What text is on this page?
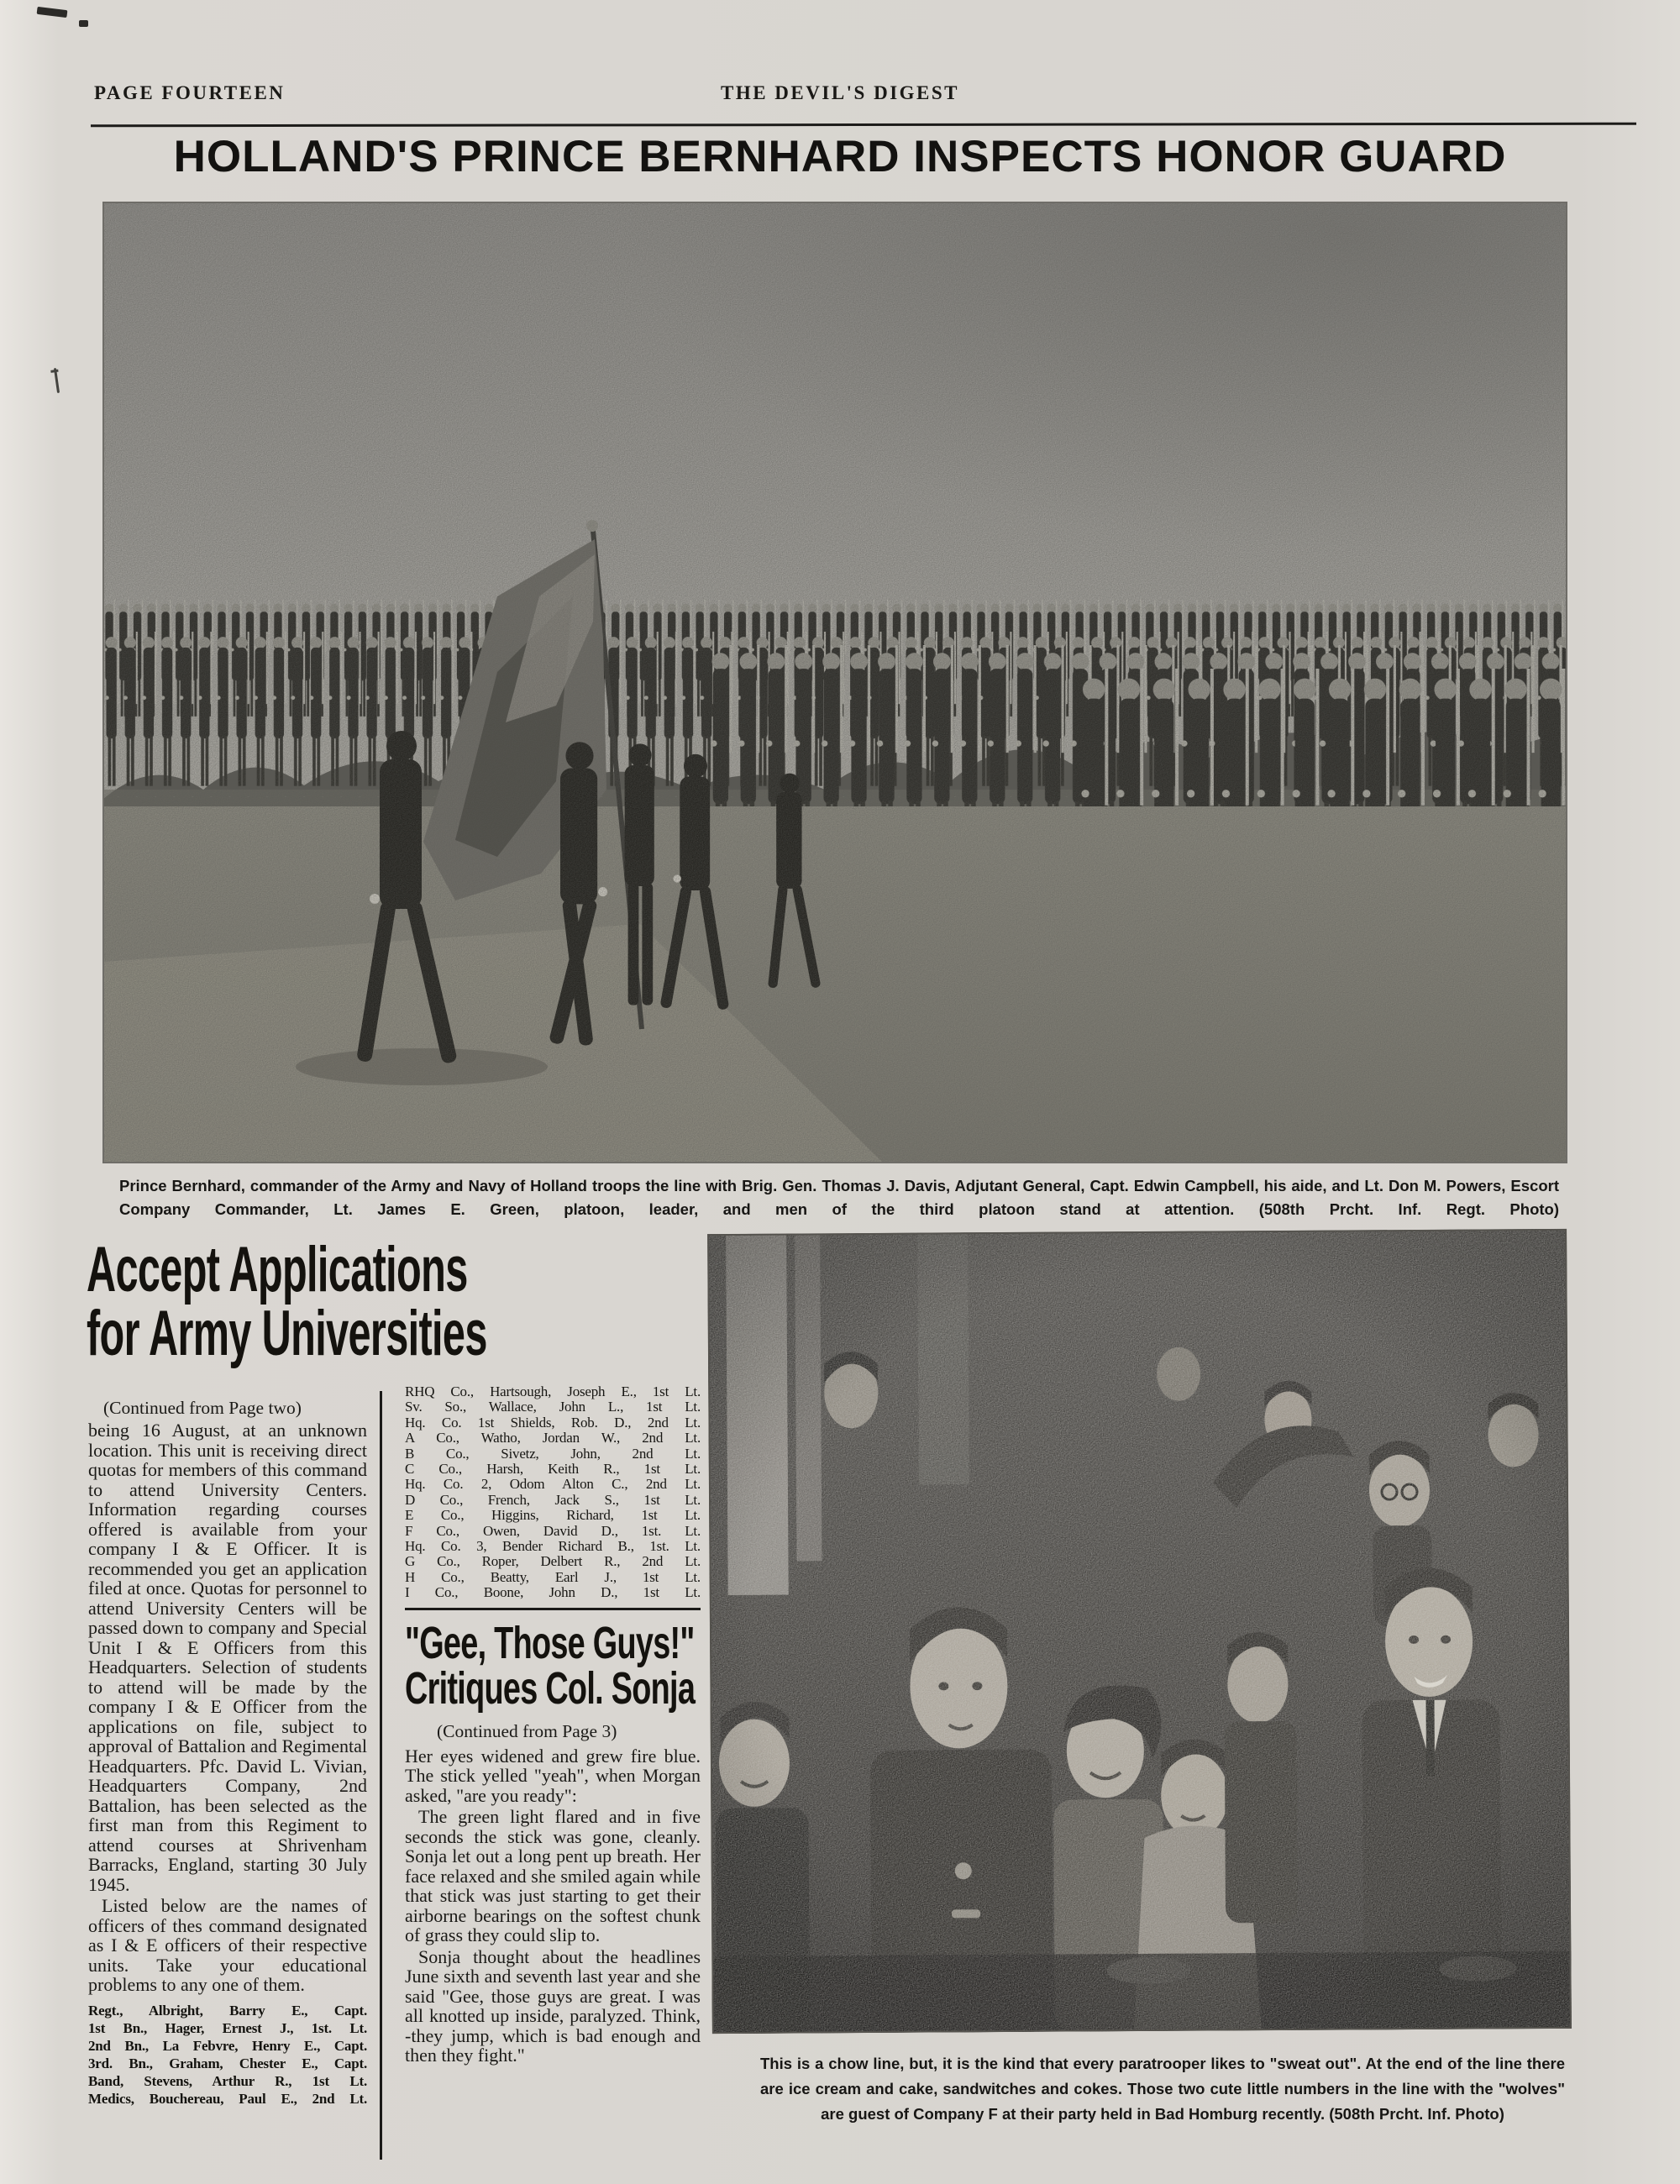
PAGE FOURTEEN	THE DEVIL'S DIGEST
HOLLAND'S PRINCE BERNHARD INSPECTS HONOR GUARD

Prince Bernhard, commander of the Army and Navy of Holland troops the line with Brig. Gen. Thomas J. Davis, Adjutant General, Capt. Edwin Campbell, his aide, and Lt. Don M. Powers, Escort Company Commander, Lt. James E. Green, platoon, leader, and men of the third platoon stand at attention. (508th Prcht. Inf. Regt. Photo)

Accept Applications
for Army Universities

(Continued from Page two)

being 16 August, at an unknown location. This unit is receiving direct quotas for members of this command to attend University Centers. Information regarding courses offered is available from your company I & E Officer. It is recommended you get an application filed at once. Quotas for personnel to attend University Centers will be passed down to company and Special Unit I & E Officers from this Headquarters. Selection of students to attend will be made by the company I & E Officer from the applications on file, subject to approval of Battalion and Regimental Headquarters. Pfc. David L. Vivian, Headquarters Company, 2nd Battalion, has been selected as the first man from this Regiment to attend courses at Shrivenham Barracks, England, starting 30 July 1945.

Listed below are the names of officers of thes command designated as I & E officers of their respective units. Take your educational problems to any one of them.

Regt., Albright, Barry E., Capt.
1st Bn., Hager, Ernest J., 1st. Lt.
2nd Bn., La Febvre, Henry E., Capt.
3rd. Bn., Graham, Chester E., Capt.
Band, Stevens, Arthur R., 1st Lt.
Medics, Bouchereau, Paul E., 2nd Lt.
RHQ Co., Hartsough, Joseph E., 1st Lt.
Sv. So., Wallace, John L., 1st Lt.
Hq. Co. 1st Shields, Rob. D., 2nd Lt.
A Co., Watho, Jordan W., 2nd Lt.
B Co., Sivetz, John, 2nd Lt.
C Co., Harsh, Keith R., 1st Lt.
Hq. Co. 2, Odom Alton C., 2nd Lt.
D Co., French, Jack S., 1st Lt.
E Co., Higgins, Richard, 1st Lt.
F Co., Owen, David D., 1st. Lt.
Hq. Co. 3, Bender Richard B., 1st. Lt.
G Co., Roper, Delbert R., 2nd Lt.
H Co., Beatty, Earl J., 1st Lt.
I Co., Boone, John D., 1st Lt.
"Gee, Those Guys!"
Critiques Col. Sonja

(Continued from Page 3)

Her eyes widened and grew fire blue. The stick yelled "yeah", when Morgan asked, "are you ready":

The green light flared and in five seconds the stick was gone, cleanly. Sonja let out a long pent up breath. Her face relaxed and she smiled again while that stick was just starting to get their airborne bearings on the softest chunk of grass they could slip to.

Sonja thought about the headlines June sixth and seventh last year and she said "Gee, those guys are great. I was all knotted up inside, paralyzed. Think, -they jump, which is bad enough and then they fight."	This is a chow line, but, it is the kind that every paratrooper likes to "sweat out". At the end of the line there are ice cream and cake, sandwitches and cokes. Those two cute little numbers in the line with the "wolves" are guest of Company F at their party held in Bad Homburg recently. (508th Prcht. Inf. Photo)
